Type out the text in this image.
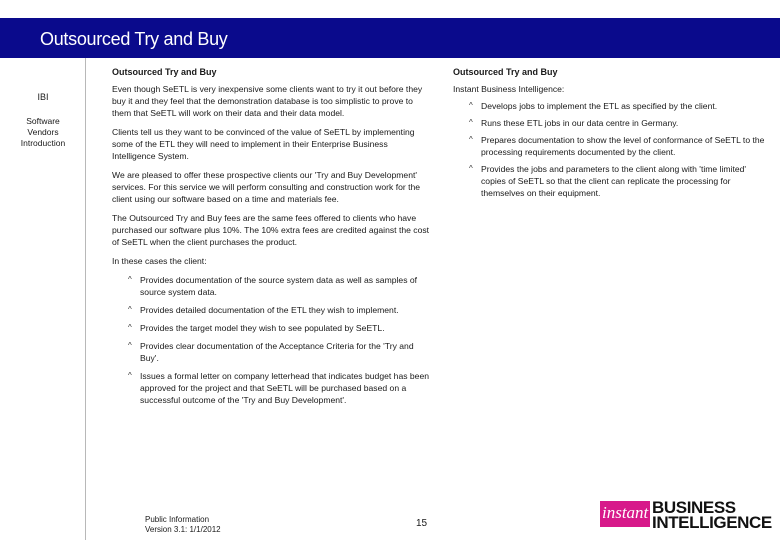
Outsourced Try and Buy
IBI
Software
Vendors
Introduction
Outsourced Try and Buy
Even though SeETL is very inexpensive some clients want to try it out before they buy it and they feel that the demonstration database is too simplistic to prove to them that SeETL will work on their data and their data model.
Clients tell us they want to be convinced of the value of SeETL by implementing some of the ETL they will need to implement in their Enterprise Business Intelligence System.
We are pleased to offer these prospective clients our 'Try and Buy Development' services. For this service we will perform consulting and construction work for the client using our software based on a time and materials fee.
The Outsourced Try and Buy fees are the same fees offered to clients who have purchased our software plus 10%. The 10% extra fees are credited against the cost of SeETL when the client purchases the product.
In these cases the client:
^ Provides documentation of the source system data as well as samples of source system data.
^ Provides detailed documentation of the ETL they wish to implement.
^ Provides the target model they wish to see populated by SeETL.
^ Provides clear documentation of the Acceptance Criteria for the 'Try and Buy'.
^ Issues a formal letter on company letterhead that indicates budget has been approved for the project and that SeETL will be purchased based on a successful outcome of the 'Try and Buy Development'.
Outsourced Try and Buy
Instant Business Intelligence:
^ Develops jobs to implement the ETL as specified by the client.
^ Runs these ETL jobs in our data centre in Germany.
^ Prepares documentation to show the level of conformance of SeETL to the processing requirements documented by the client.
^ Provides the jobs and parameters to the client along with 'time limited' copies of SeETL so that the client can replicate the processing for themselves on their equipment.
Public Information
Version 3.1: 1/1/2012
15
instant BUSINESS
INTELLIGENCE
